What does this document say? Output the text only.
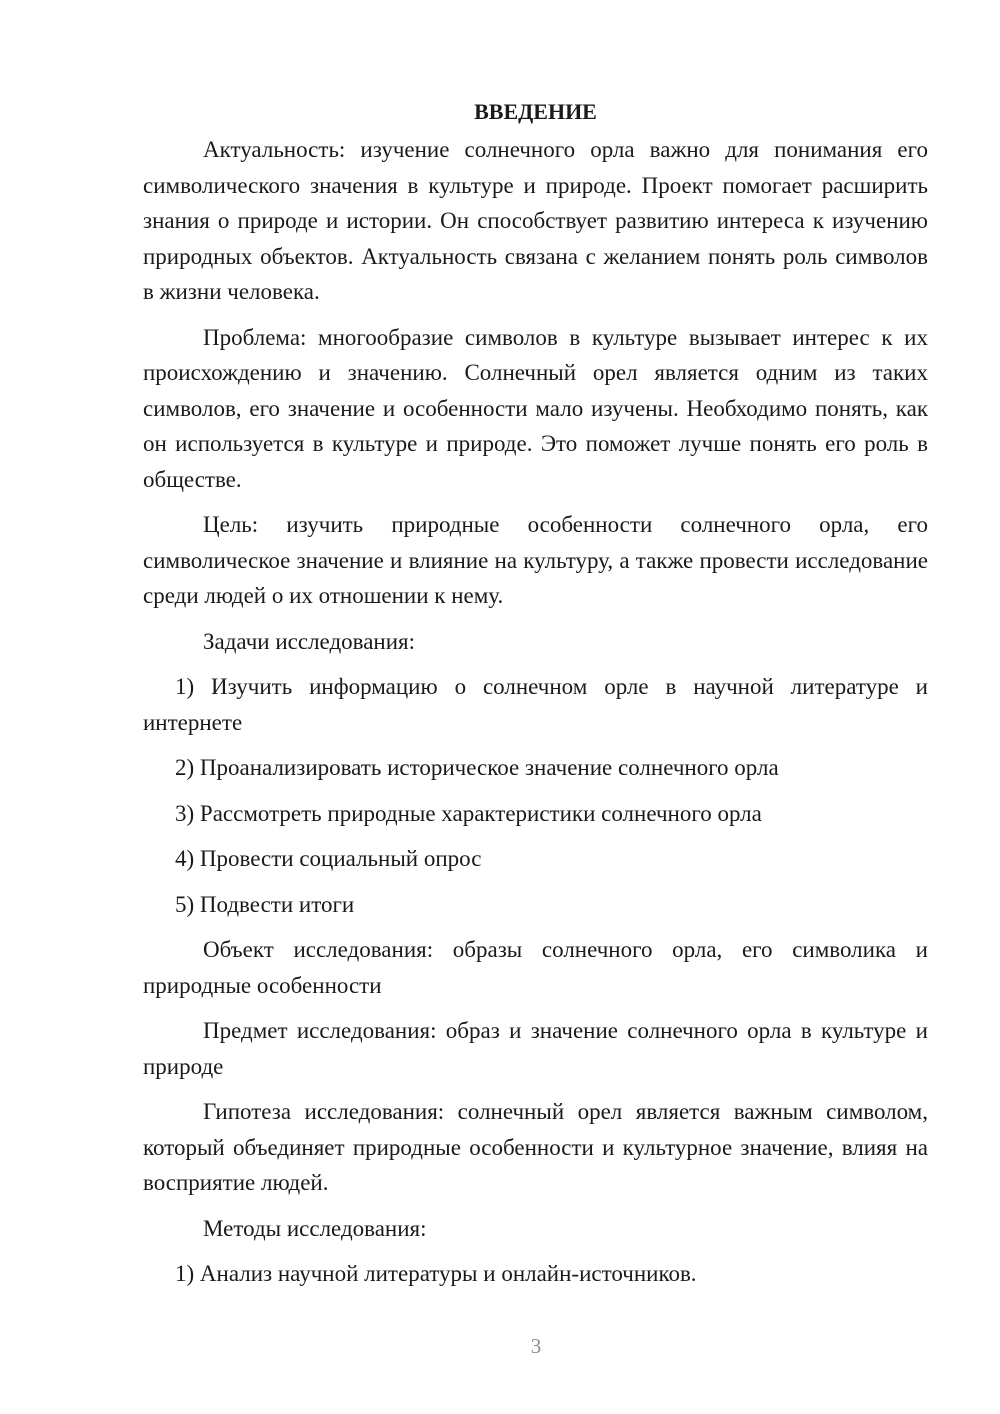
ВВЕДЕНИЕ

Актуальность: изучение солнечного орла важно для понимания его символического значения в культуре и природе. Проект помогает расширить знания о природе и истории. Он способствует развитию интереса к изучению природных объектов. Актуальность связана с желанием понять роль символов в жизни человека.

Проблема: многообразие символов в культуре вызывает интерес к их происхождению и значению. Солнечный орел является одним из таких символов, его значение и особенности мало изучены. Необходимо понять, как он используется в культуре и природе. Это поможет лучше понять его роль в обществе.

Цель: изучить природные особенности солнечного орла, его символическое значение и влияние на культуру, а также провести исследование среди людей о их отношении к нему.

Задачи исследования:

1) Изучить информацию о солнечном орле в научной литературе и интернете

2) Проанализировать историческое значение солнечного орла

3) Рассмотреть природные характеристики солнечного орла

4) Провести социальный опрос

5) Подвести итоги

Объект исследования: образы солнечного орла, его символика и природные особенности

Предмет исследования: образ и значение солнечного орла в культуре и природе

Гипотеза исследования: солнечный орел является важным символом, который объединяет природные особенности и культурное значение, влияя на восприятие людей.

Методы исследования:

1) Анализ научной литературы и онлайн-источников.

3
